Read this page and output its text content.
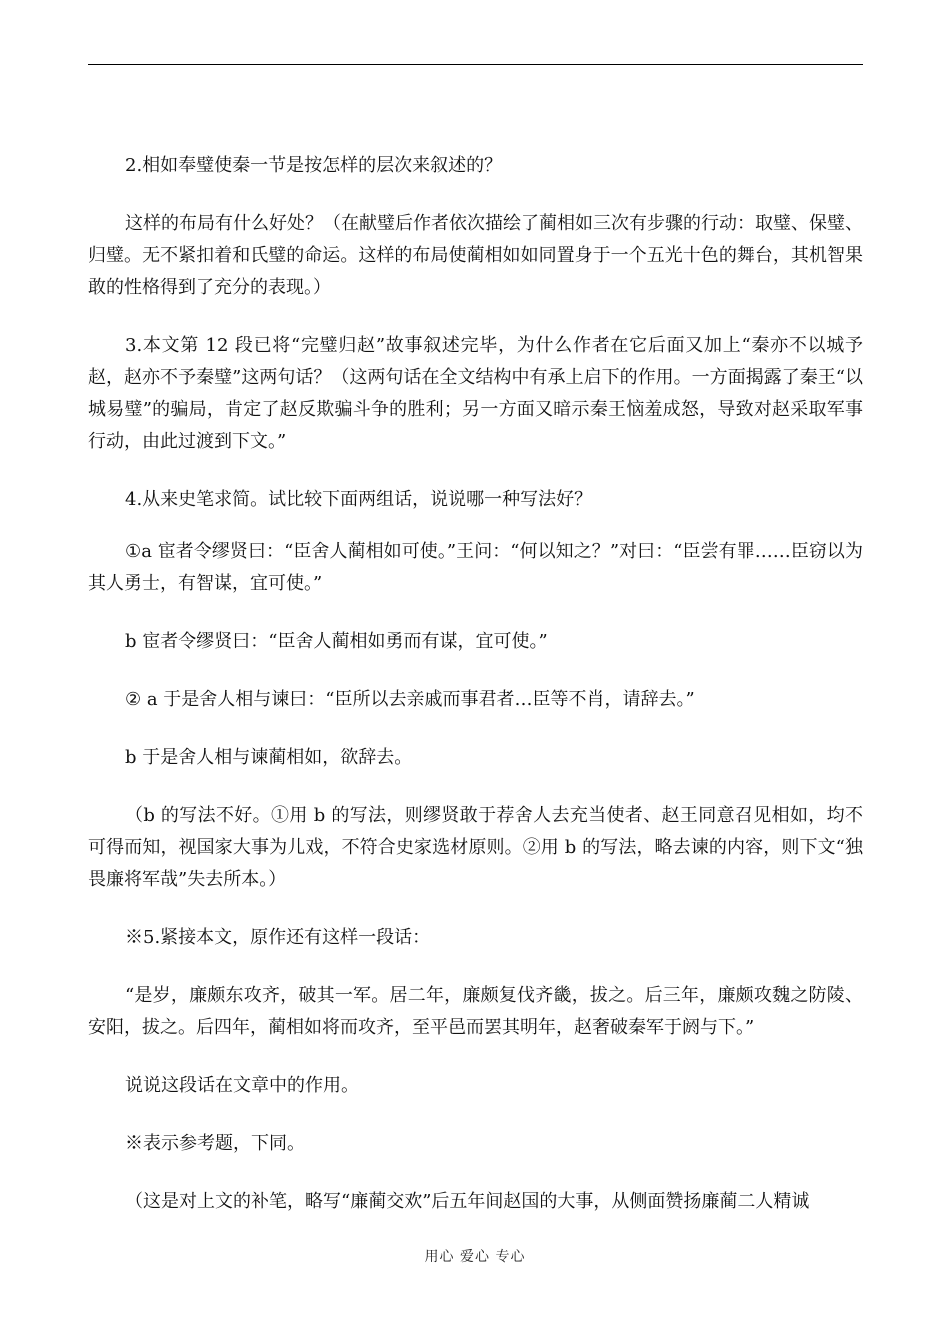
2.相如奉璧使秦一节是按怎样的层次来叙述的？

这样的布局有什么好处？（在献璧后作者依次描绘了蔺相如三次有步骤的行动：取璧、保璧、归璧。无不紧扣着和氏璧的命运。这样的布局使蔺相如如同置身于一个五光十色的舞台，其机智果敢的性格得到了充分的表现。）

3.本文第 12 段已将“完璧归赵”故事叙述完毕，为什么作者在它后面又加上“秦亦不以城予赵，赵亦不予秦璧”这两句话？（这两句话在全文结构中有承上启下的作用。一方面揭露了秦王“以城易璧”的骗局，肯定了赵反欺骗斗争的胜利；另一方面又暗示秦王恼羞成怒，导致对赵采取军事行动，由此过渡到下文。”

4.从来史笔求简。试比较下面两组话，说说哪一种写法好？

①a 宦者令缪贤曰：“臣舍人蔺相如可使。”王问：“何以知之？”对曰：“臣尝有罪……臣窃以为其人勇士，有智谋，宜可使。”

b 宦者令缪贤曰：“臣舍人蔺相如勇而有谋，宜可使。”

② a 于是舍人相与谏曰：“臣所以去亲戚而事君者…臣等不肖，请辞去。”

b 于是舍人相与谏蔺相如，欲辞去。

（b 的写法不好。①用 b 的写法，则缪贤敢于荐舍人去充当使者、赵王同意召见相如，均不可得而知，视国家大事为儿戏，不符合史家选材原则。②用 b 的写法，略去谏的内容，则下文“独畏廉将军哉”失去所本。）

※5.紧接本文，原作还有这样一段话：

“是岁，廉颇东攻齐，破其一军。居二年，廉颇复伐齐畿，拔之。后三年，廉颇攻魏之防陵、安阳，拔之。后四年，蔺相如将而攻齐，至平邑而罢其明年，赵奢破秦军于阏与下。”

说说这段话在文章中的作用。

※表示参考题，下同。

（这是对上文的补笔，略写“廉蔺交欢”后五年间赵国的大事，从侧面赞扬廉蔺二人精诚

用心 爱心 专心
